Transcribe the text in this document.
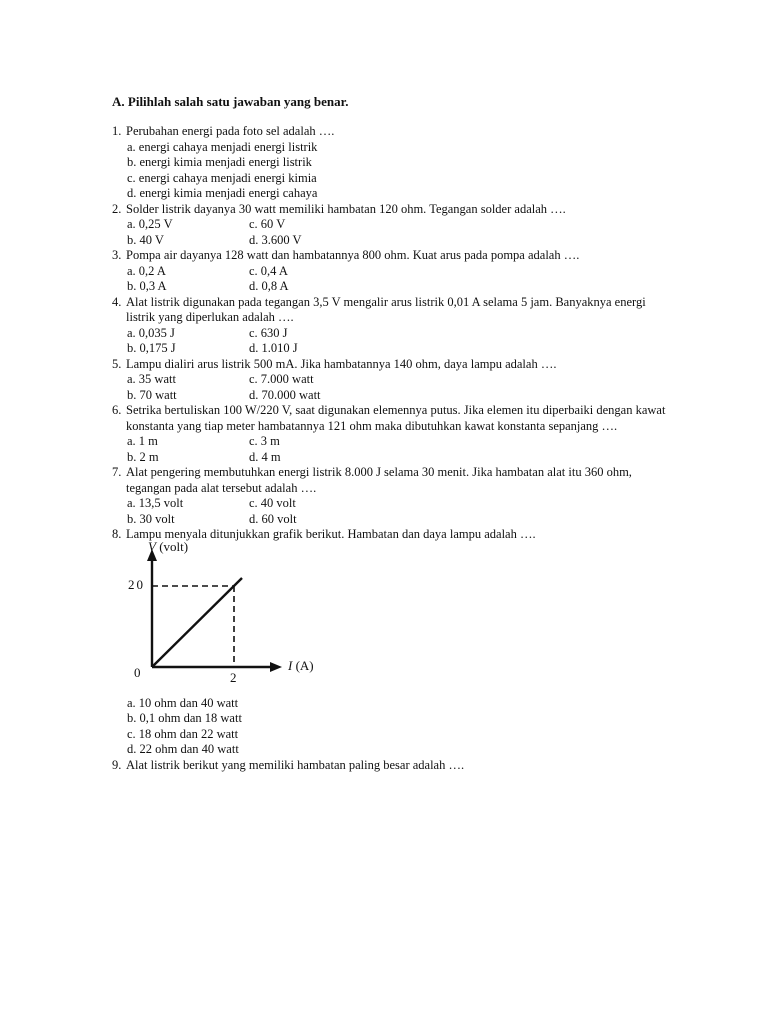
A. Pilihlah salah satu jawaban yang benar.
1. Perubahan energi pada foto sel adalah ….
a. energi cahaya menjadi energi listrik
b. energi kimia menjadi energi listrik
c. energi cahaya menjadi energi kimia
d. energi kimia menjadi energi cahaya
2. Solder listrik dayanya 30 watt memiliki hambatan 120 ohm. Tegangan solder adalah ….
a. 0,25 V	c. 60 V
b. 40 V	d. 3.600 V
3. Pompa air dayanya 128 watt dan hambatannya 800 ohm. Kuat arus pada pompa adalah ….
a. 0,2 A	c. 0,4 A
b. 0,3 A	d. 0,8 A
4. Alat listrik digunakan pada tegangan 3,5 V mengalir arus listrik 0,01 A selama 5 jam. Banyaknya energi listrik yang diperlukan adalah ….
a. 0,035 J	c. 630 J
b. 0,175 J	d. 1.010 J
5. Lampu dialiri arus listrik 500 mA. Jika hambatannya 140 ohm, daya lampu adalah ….
a. 35 watt	c. 7.000 watt
b. 70 watt	d. 70.000 watt
6. Setrika bertuliskan 100 W/220 V, saat digunakan elemennya putus. Jika elemen itu diperbaiki dengan kawat konstanta yang tiap meter hambatannya 121 ohm maka dibutuhkan kawat konstanta sepanjang ….
a. 1 m	c. 3 m
b. 2 m	d. 4 m
7. Alat pengering membutuhkan energi listrik 8.000 J selama 30 menit. Jika hambatan alat itu 360 ohm, tegangan pada alat tersebut adalah ….
a. 13,5 volt	c. 40 volt
b. 30 volt	d. 60 volt
8. Lampu menyala ditunjukkan grafik berikut. Hambatan dan daya lampu adalah ….
V (volt)
I (A)
0	2
20
a. 10 ohm dan 40 watt
b. 0,1 ohm dan 18 watt
c. 18 ohm dan 22 watt
d. 22 ohm dan 40 watt
9. Alat listrik berikut yang memiliki hambatan paling besar adalah ….
